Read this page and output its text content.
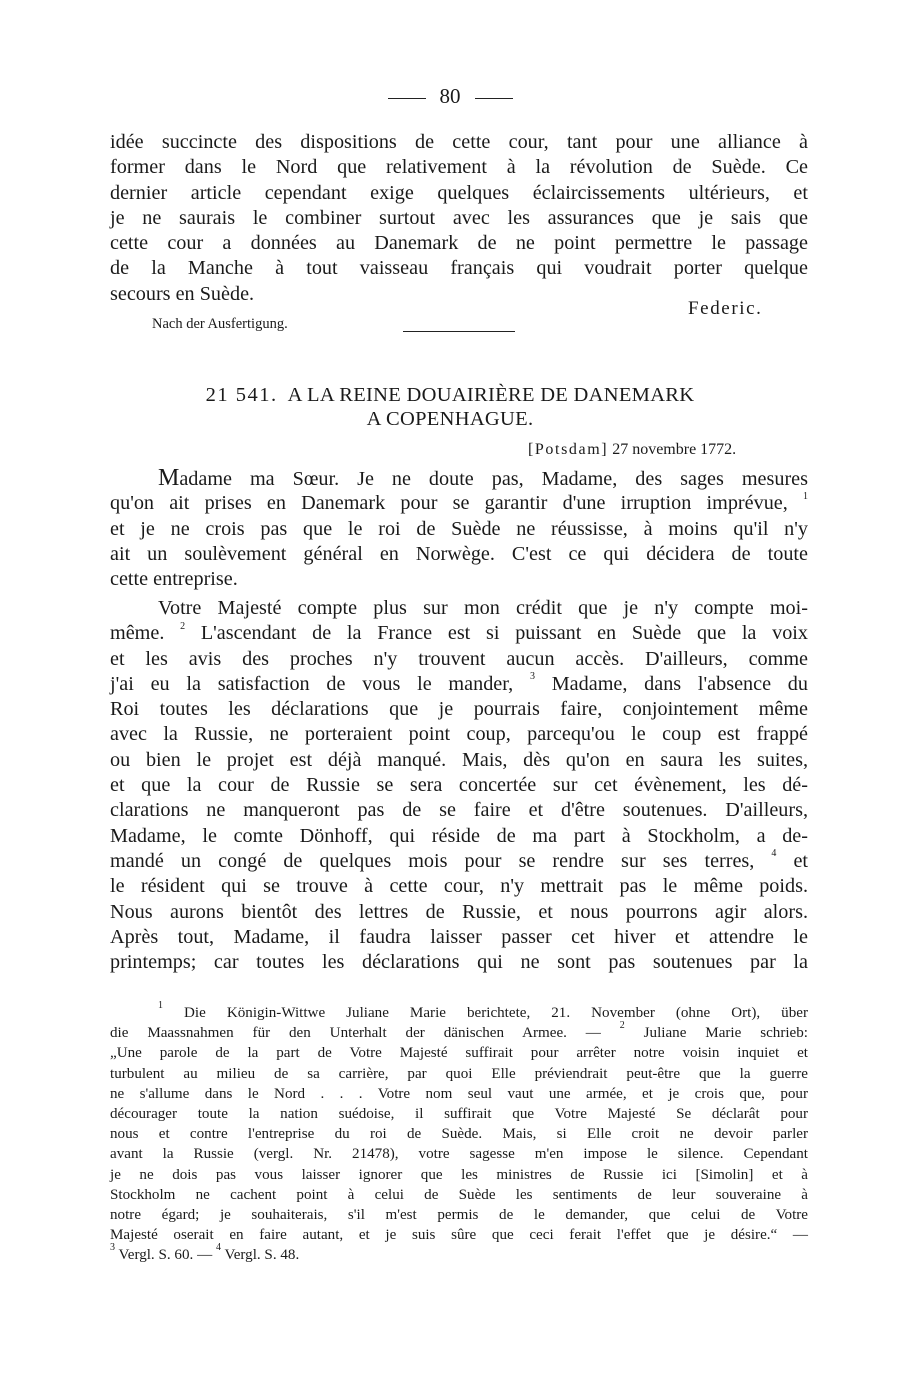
80
idée succincte des dispositions de cette cour, tant pour une alliance à
former dans le Nord que relativement à la révolution de Suède. Ce
dernier article cependant exige quelques éclaircissements ultérieurs, et
je ne saurais le combiner surtout avec les assurances que je sais que
cette cour a données au Danemark de ne point permettre le passage
de la Manche à tout vaisseau français qui voudrait porter quelque
secours en Suède.
Federic.
Nach der Ausfertigung.
21 541. A LA REINE DOUAIRIÈRE DE DANEMARK
A COPENHAGUE.
[Potsdam] 27 novembre 1772.
Madame ma Sœur. Je ne doute pas, Madame, des sages mesures
qu'on ait prises en Danemark pour se garantir d'une irruption imprévue, $^1$
et je ne crois pas que le roi de Suède ne réussisse, à moins qu'il n'y
ait un soulèvement général en Norwège. C'est ce qui décidera de toute
cette entreprise.
Votre Majesté compte plus sur mon crédit que je n'y compte moi-
même. $^2$ L'ascendant de la France est si puissant en Suède que la voix
et les avis des proches n'y trouvent aucun accès. D'ailleurs, comme
j'ai eu la satisfaction de vous le mander, $^3$ Madame, dans l'absence du
Roi toutes les déclarations que je pourrais faire, conjointement même
avec la Russie, ne porteraient point coup, parcequ'ou le coup est frappé
ou bien le projet est déjà manqué. Mais, dès qu'on en saura les suites,
et que la cour de Russie se sera concertée sur cet évènement, les dé-
clarations ne manqueront pas de se faire et d'être soutenues. D'ailleurs,
Madame, le comte Dönhoff, qui réside de ma part à Stockholm, a de-
mandé un congé de quelques mois pour se rendre sur ses terres, $^4$ et
le résident qui se trouve à cette cour, n'y mettrait pas le même poids.
Nous aurons bientôt des lettres de Russie, et nous pourrons agir alors.
Après tout, Madame, il faudra laisser passer cet hiver et attendre le
printemps; car toutes les déclarations qui ne sont pas soutenues par la
$^1$ Die Königin-Wittwe Juliane Marie berichtete, 21. November (ohne Ort), über
die Maassnahmen für den Unterhalt der dänischen Armee. — $^2$ Juliane Marie schrieb:
„Une parole de la part de Votre Majesté suffirait pour arrêter notre voisin inquiet et
turbulent au milieu de sa carrière, par quoi Elle préviendrait peut-être que la guerre
ne s'allume dans le Nord . . . Votre nom seul vaut une armée, et je crois que, pour
décourager toute la nation suédoise, il suffirait que Votre Majesté Se déclarât pour
nous et contre l'entreprise du roi de Suède. Mais, si Elle croit ne devoir parler
avant la Russie (vergl. Nr. 21478), votre sagesse m'en impose le silence. Cependant
je ne dois pas vous laisser ignorer que les ministres de Russie ici [Simolin] et à
Stockholm ne cachent point à celui de Suède les sentiments de leur souveraine à
notre égard; je souhaiterais, s'il m'est permis de le demander, que celui de Votre
Majesté oserait en faire autant, et je suis sûre que ceci ferait l'effet que je désire.“ —
$^3$ Vergl. S. 60. — $^4$ Vergl. S. 48.
